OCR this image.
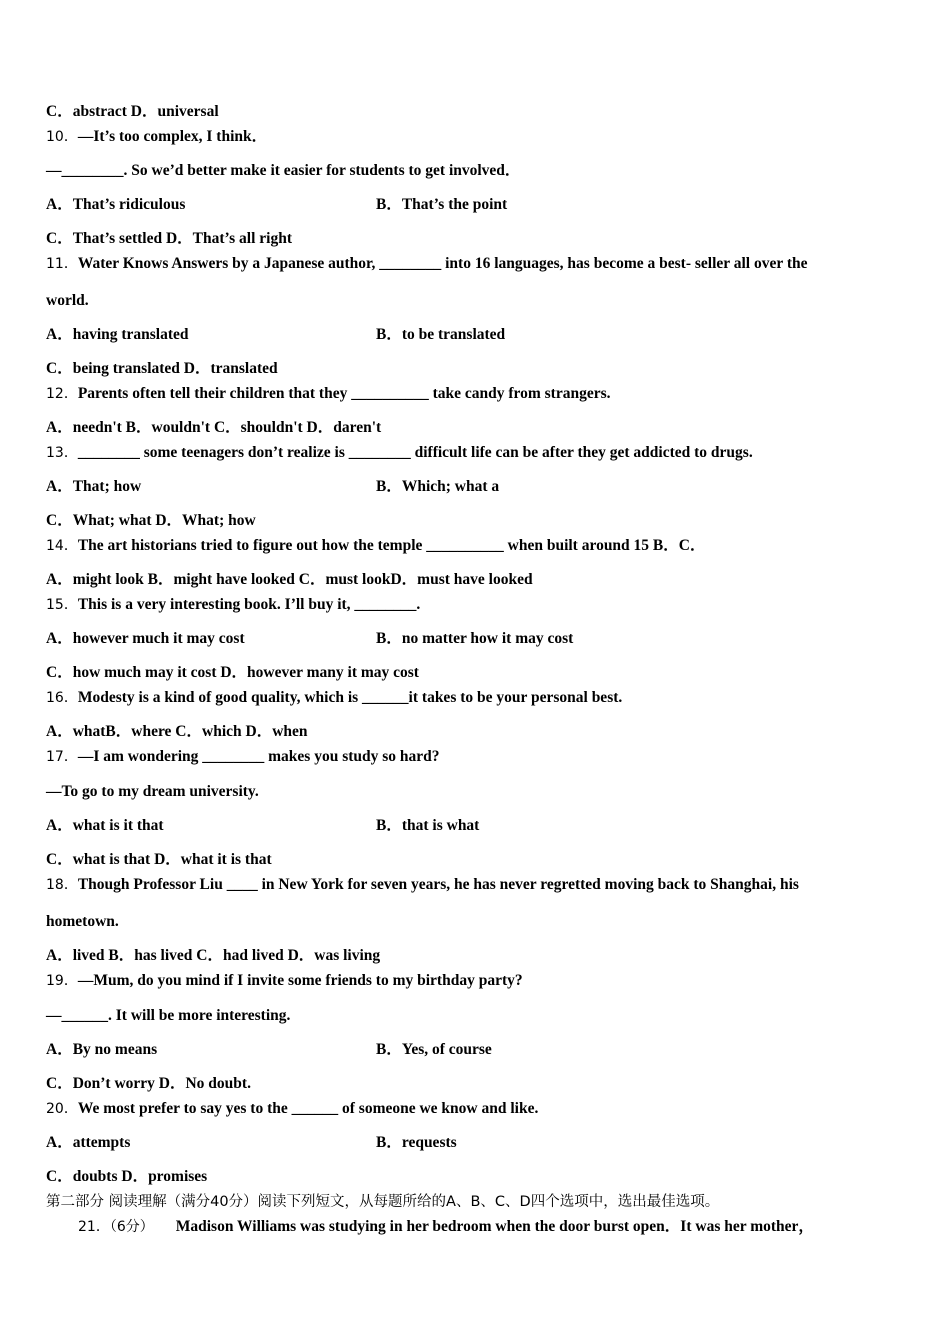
C．abstract D．universal
10．—It’s too complex, I think．
—________. So we’d better make it easier for students to get involved．
A．That’s ridiculous	B．That’s the point
C．That’s settled D．That’s all right
11．Water Knows Answers by a Japanese author, ________ into 16 languages, has become a best- seller all over the
world.
A．having translated	B．to be translated
C．being translated D．translated
12．Parents often tell their children that they __________ take candy from strangers.
A．needn't B．wouldn't C．shouldn't D．daren't
13．________ some teenagers don’t realize is ________ difficult life can be after they get addicted to drugs.
A．That; how	B．Which; what a
C．What; what D．What; how
14．The art historians tried to figure out how the temple __________ when built around 15 B．C．
A．might look B．might have looked C．must lookD．must have looked
15．This is a very interesting book. I’ll buy it, ________.
A．however much it may cost	B．no matter how it may cost
C．how much may it cost D．however many it may cost
16．Modesty is a kind of good quality, which is ______it takes to be your personal best.
A．whatB．where C．which D．when
17．—I am wondering ________ makes you study so hard?
—To go to my dream university.
A．what is it that	B．that is what
C．what is that D．what it is that
18．Though Professor Liu ____ in New York for seven years, he has never regretted moving back to Shanghai, his
hometown.
A．lived B．has lived C．had lived D．was living
19．—Mum, do you mind if I invite some friends to my birthday party?
—______. It will be more interesting.
A．By no means	B．Yes, of course
C．Don’t worry D．No doubt.
20．We most prefer to say yes to the ______ of someone we know and like.
A．attempts	B．requests
C．doubts D．promises
第二部分 阅读理解（满分40分）阅读下列短文，从每题所给的A、B、C、D四个选项中，选出最佳选项。
21．（6分） Madison Williams was studying in her bedroom when the door burst open．It was her mother，
